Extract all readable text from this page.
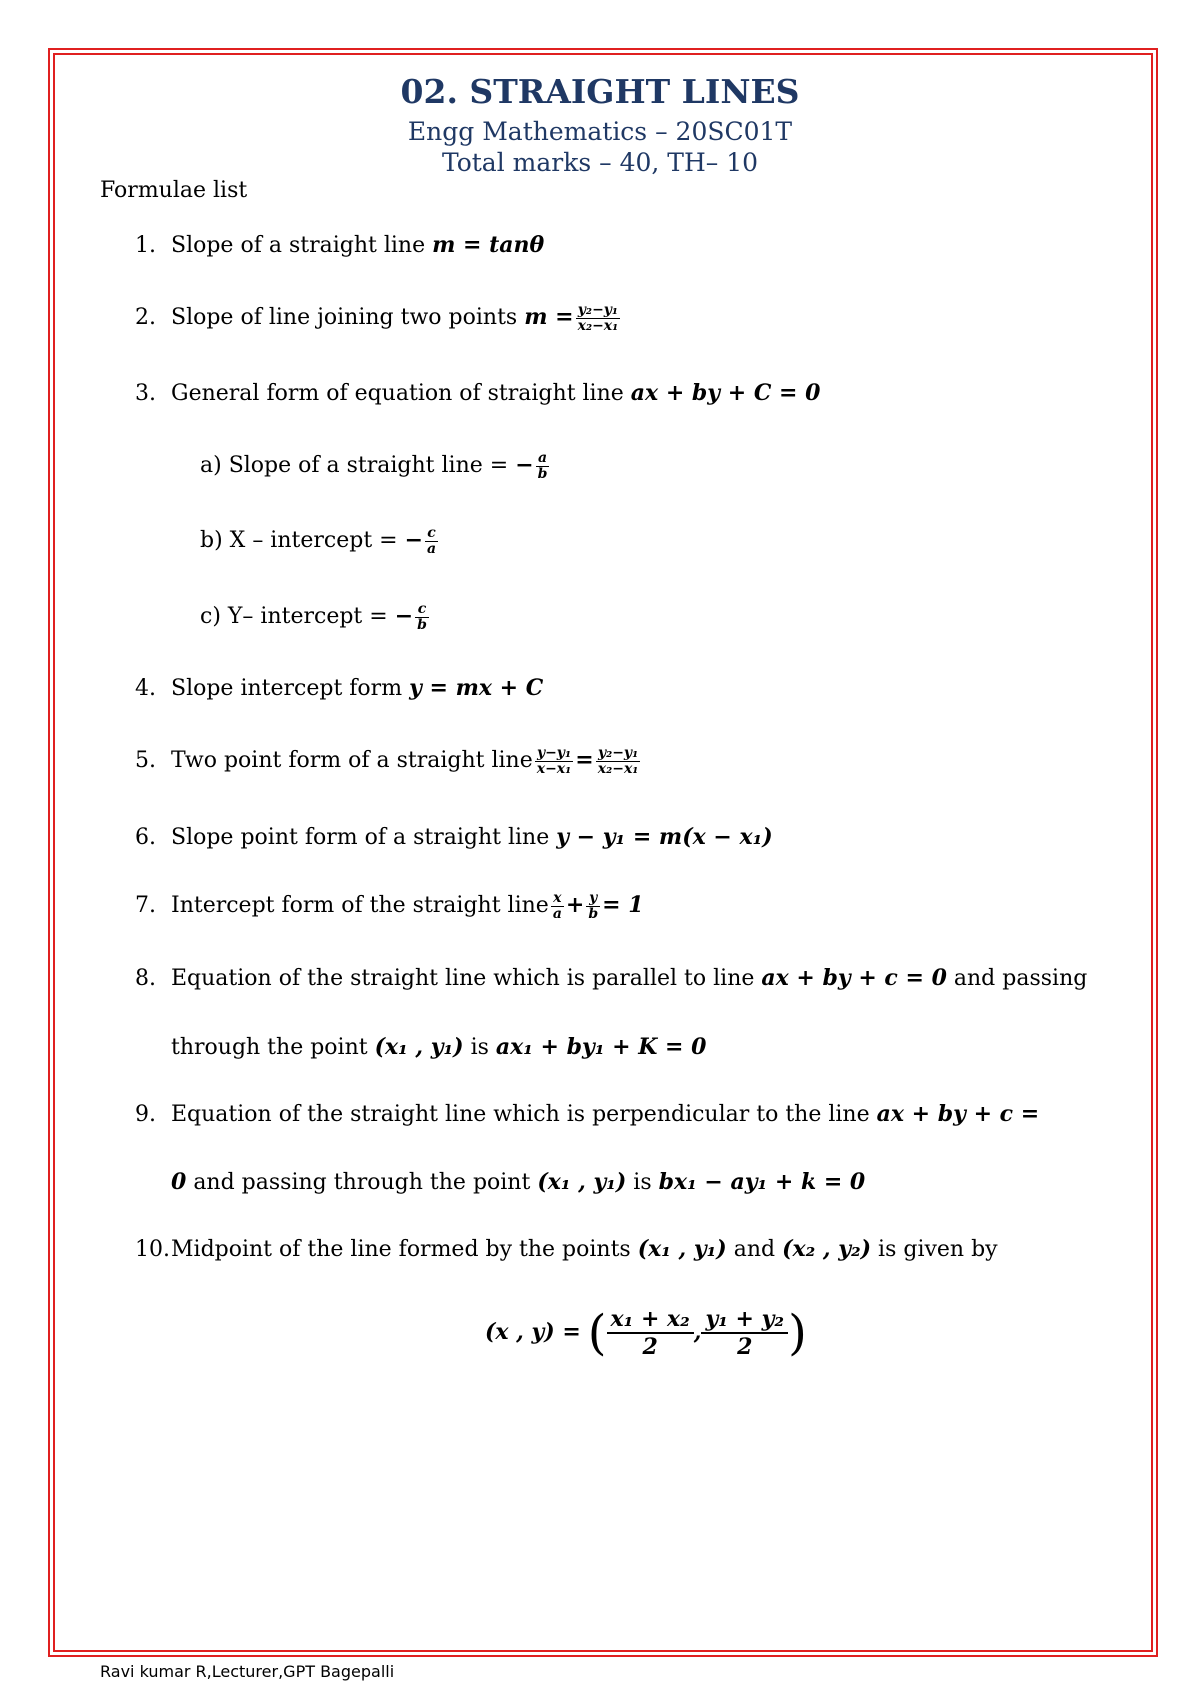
02. STRAIGHT LINES
Engg Mathematics – 20SC01T
Total marks – 40, TH– 10
Formulae list
1. Slope of a straight line m = tanθ
2. Slope of line joining two points $m = \frac{\text{y₂−y₁}}{\text{x₂−x₁}}$
3. General form of equation of straight line ax + by + C = 0
a) Slope of a straight line = − $\frac{a}{b}$
b) X – intercept = − $\frac{c}{a}$
c) Y– intercept = − $\frac{c}{b}$
4. Slope intercept form y = mx + C
5. Two point form of a straight line $\frac{\text{y−y₁}}{\text{x−x₁}} = \frac{\text{y₂−y₁}}{\text{x₂−x₁}}$
6. Slope point form of a straight line y − y₁ = m(x − x₁)
7. Intercept form of the straight line $\frac{x}{a} + \frac{y}{b} = 1$
8. Equation of the straight line which is parallel to line ax + by + c = 0 and passing
through the point (x₁ , y₁) is ax₁ + by₁ + K = 0
9. Equation of the straight line which is perpendicular to the line ax + by + c =
0 and passing through the point (x₁ , y₁) is bx₁ − ay₁ + k = 0
10.Midpoint of the line formed by the points (x₁ , y₁) and (x₂ , y₂) is given by
(x , y) = ( $\frac{\text{x₁ + x₂}}{2}$ , $\frac{\text{y₁ + y₂}}{2}$ )
Ravi kumar R,Lecturer,GPT Bagepalli
